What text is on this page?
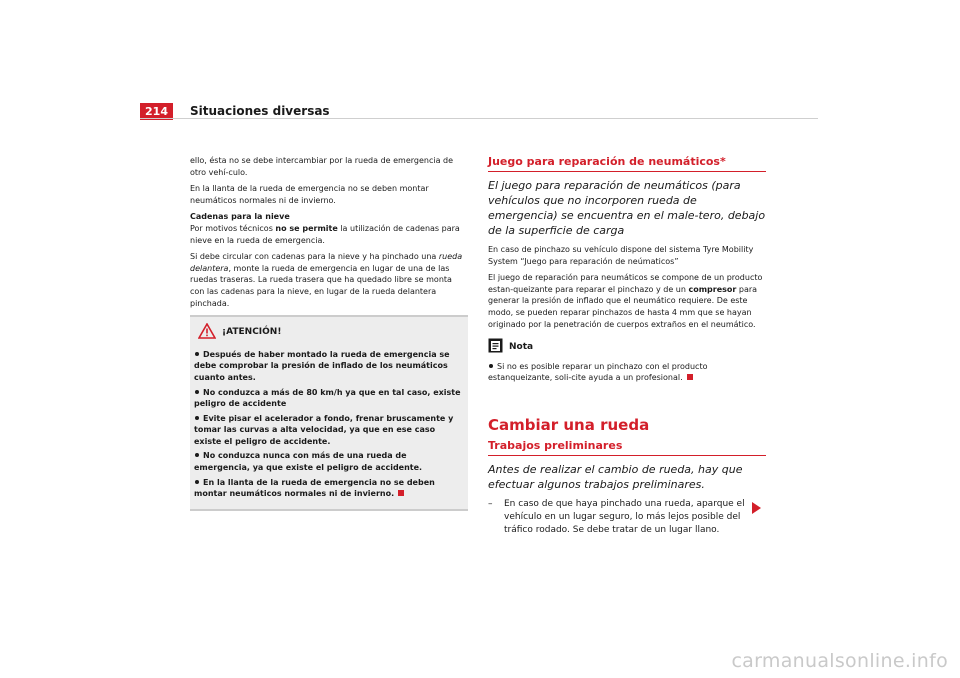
214	Situaciones diversas

ello, ésta no se debe intercambiar por la rueda de emergencia de otro vehí-culo.

En la llanta de la rueda de emergencia no se deben montar neumáticos normales ni de invierno.

Cadenas para la nieve

Por motivos técnicos no se permite la utilización de cadenas para nieve en la rueda de emergencia.

Si debe circular con cadenas para la nieve y ha pinchado una rueda delantera, monte la rueda de emergencia en lugar de una de las ruedas traseras. La rueda trasera que ha quedado libre se monta con las cadenas para la nieve, en lugar de la rueda delantera pinchada.

¡ATENCIÓN!
Después de haber montado la rueda de emergencia se debe comprobar la presión de inflado de los neumáticos cuanto antes.
No conduzca a más de 80 km/h ya que en tal caso, existe peligro de accidente
Evite pisar el acelerador a fondo, frenar bruscamente y tomar las curvas a alta velocidad, ya que en ese caso existe el peligro de accidente.
No conduzca nunca con más de una rueda de emergencia, ya que existe el peligro de accidente.
En la llanta de la rueda de emergencia no se deben montar neumáticos normales ni de invierno.

Juego para reparación de neumáticos*

El juego para reparación de neumáticos (para vehículos que no incorporen rueda de emergencia) se encuentra en el male-tero, debajo de la superficie de carga

En caso de pinchazo su vehículo dispone del sistema Tyre Mobility System “Juego para reparación de neúmaticos”

El juego de reparación para neumáticos se compone de un producto estan-queizante para reparar el pinchazo y de un compresor para generar la presión de inflado que el neumático requiere. De este modo, se pueden reparar pinchazos de hasta 4 mm que se hayan originado por la penetración de cuerpos extraños en el neumático.

Nota

Si no es posible reparar un pinchazo con el producto estanqueizante, soli-cite ayuda a un profesional.

Cambiar una rueda

Trabajos preliminares

Antes de realizar el cambio de rueda, hay que efectuar algunos trabajos preliminares.

–	En caso de que haya pinchado una rueda, aparque el vehículo en un lugar seguro, lo más lejos posible del tráfico rodado. Se debe tratar de un lugar llano.
carmanualsonline.info
